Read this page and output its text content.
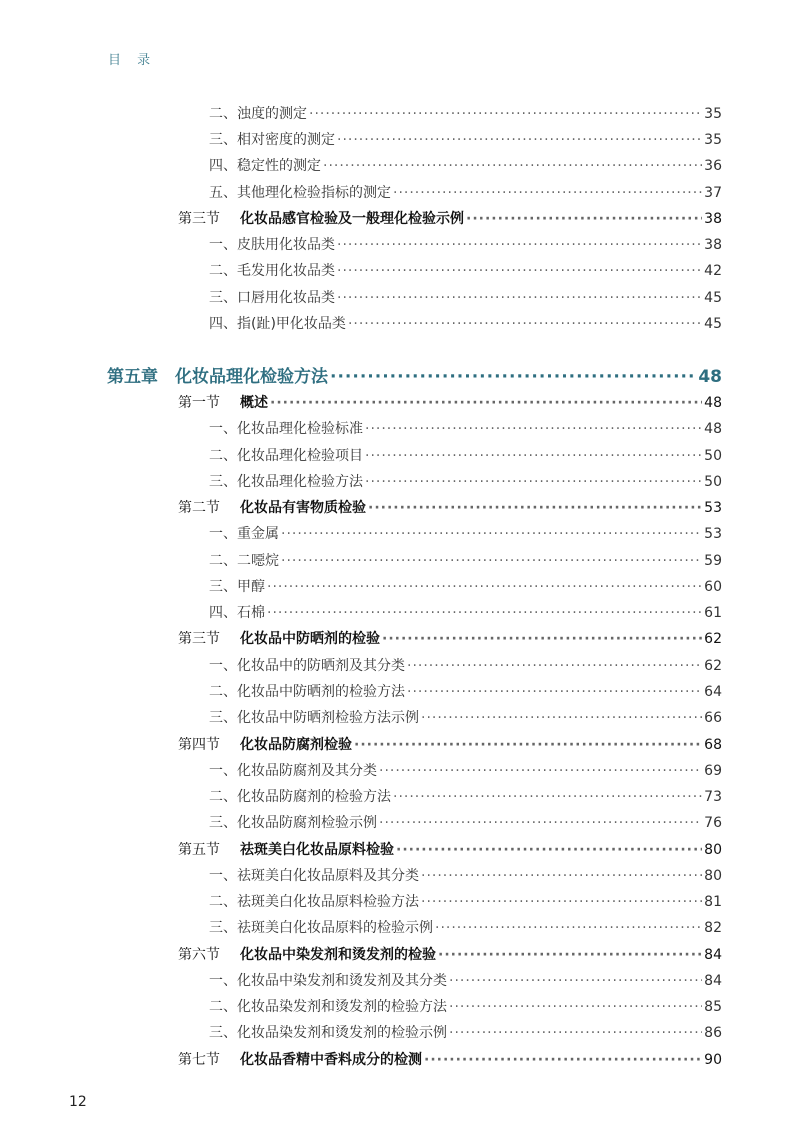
目 录
二、浊度的测定 ·····	35
三、相对密度的测定 ·····	35
四、稳定性的测定 ·····	36
五、其他理化检验指标的测定 ·····	37
第三节 化妆品感官检验及一般理化检验示例 ·····	38
一、皮肤用化妆品类 ·····	38
二、毛发用化妆品类 ·····	42
三、口唇用化妆品类 ·····	45
四、指(趾)甲化妆品类 ·····	45
第五章 化妆品理化检验方法 ·····	48
第一节 概述 ·····	48
一、化妆品理化检验标准 ·····	48
二、化妆品理化检验项目 ·····	50
三、化妆品理化检验方法 ·····	50
第二节 化妆品有害物质检验 ·····	53
一、重金属 ·····	53
二、二噁烷 ·····	59
三、甲醇 ·····	60
四、石棉 ·····	61
第三节 化妆品中防晒剂的检验 ·····	62
一、化妆品中的防晒剂及其分类 ·····	62
二、化妆品中防晒剂的检验方法 ·····	64
三、化妆品中防晒剂检验方法示例 ·····	66
第四节 化妆品防腐剂检验 ·····	68
一、化妆品防腐剂及其分类 ·····	69
二、化妆品防腐剂的检验方法 ·····	73
三、化妆品防腐剂检验示例 ·····	76
第五节 祛斑美白化妆品原料检验 ·····	80
一、祛斑美白化妆品原料及其分类 ·····	80
二、祛斑美白化妆品原料检验方法 ·····	81
三、祛斑美白化妆品原料的检验示例 ·····	82
第六节 化妆品中染发剂和烫发剂的检验 ·····	84
一、化妆品中染发剂和烫发剂及其分类 ·····	84
二、化妆品染发剂和烫发剂的检验方法 ·····	85
三、化妆品染发剂和烫发剂的检验示例 ·····	86
第七节 化妆品香精中香料成分的检测 ·····	90
12
